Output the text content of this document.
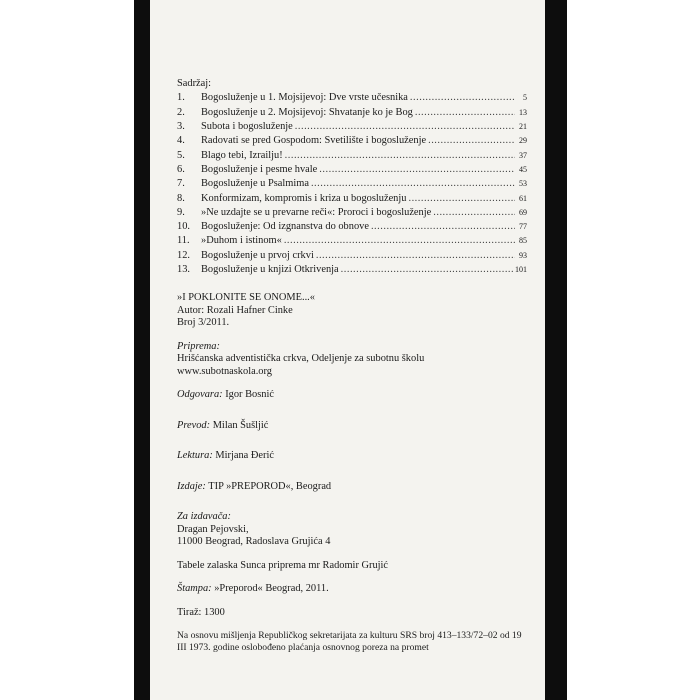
Sadržaj:
1.	Bogosluženje u 1. Mojsijevoj: Dve vrste učesnika .....	5
2.	Bogosluženje u 2. Mojsijevoj: Shvatanje ko je Bog .....	13
3.	Subota i bogosluženje .....	21
4.	Radovati se pred Gospodom: Svetilište i bogosluženje .....	29
5.	Blago tebi, Izrailju! .....	37
6.	Bogosluženje i pesme hvale .....	45
7.	Bogosluženje u Psalmima .....	53
8.	Konformizam, kompromis i kriza u bogosluženju .....	61
9.	»Ne uzdajte se u prevarne reči«: Proroci i bogosluženje .....	69
10.	Bogosluženje: Od izgnanstva do obnove .....	77
11.	»Duhom i istinom« .....	85
12.	Bogosluženje u prvoj crkvi .....	93
13.	Bogosluženje u knjizi Otkrivenja .....	101
»I POKLONITE SE ONOME...«
Autor: Rozali Hafner Cinke
Broj 3/2011.
Priprema:
Hrišćanska adventistička crkva, Odeljenje za subotnu školu
www.subotnaskola.org
Odgovara: Igor Bosnić
Prevod: Milan Šušljić
Lektura: Mirjana Đerić
Izdaje: TIP »PREPOROD«, Beograd
Za izdavača:
Dragan Pejovski,
11000 Beograd, Radoslava Grujića 4
Tabele zalaska Sunca priprema mr Radomir Grujić
Štampa: »Preporod« Beograd, 2011.
Tiraž: 1300
Na osnovu mišljenja Republičkog sekretarijata za kulturu SRS broj 413–133/72–02 od 19
III 1973. godine oslobođeno plaćanja osnovnog poreza na promet
